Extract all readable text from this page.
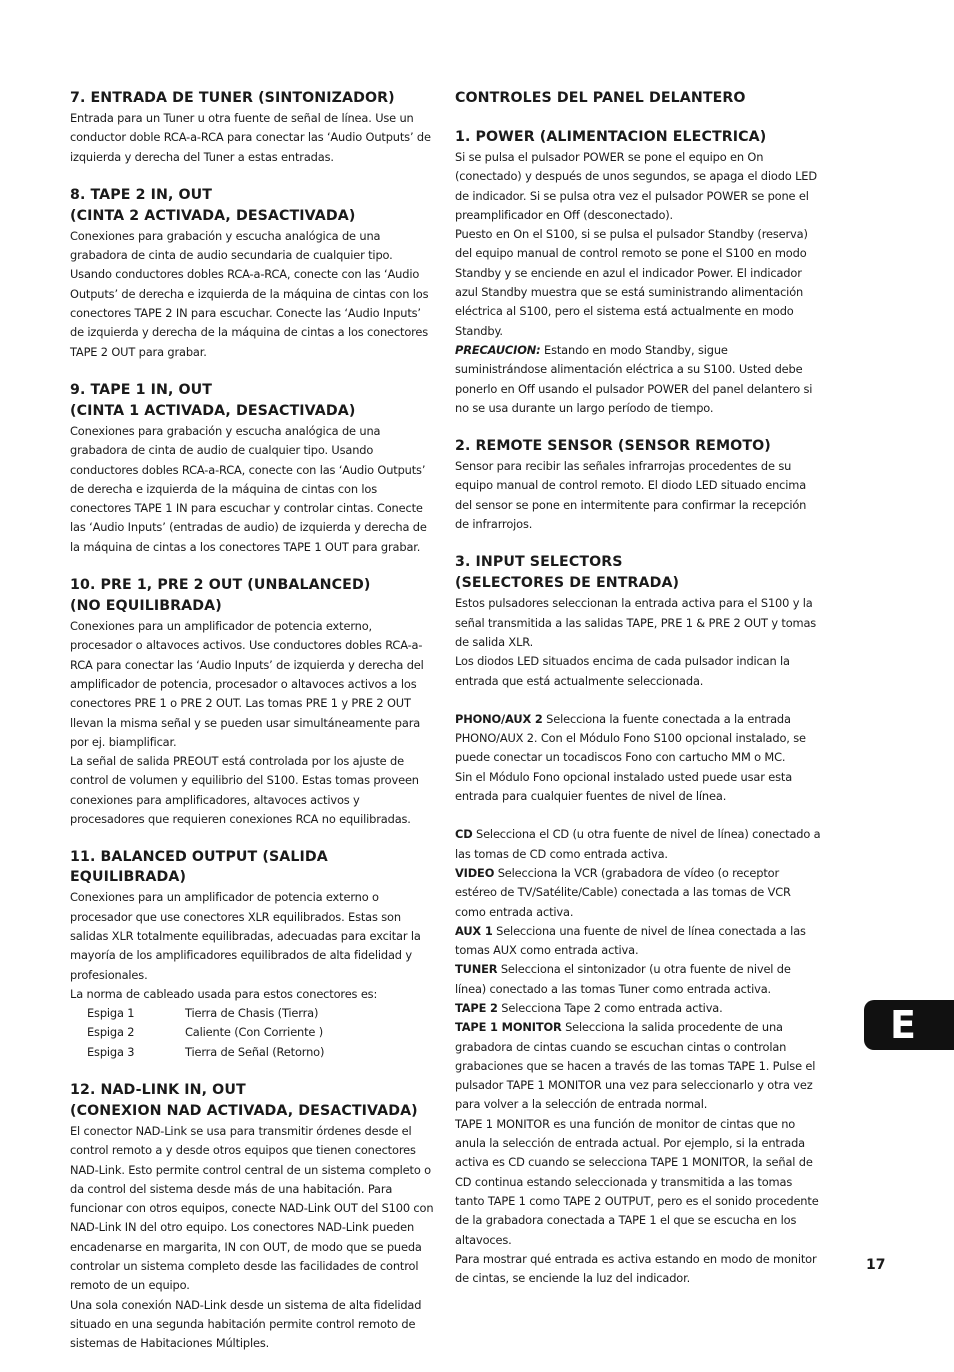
7. ENTRADA DE TUNER (SINTONIZADOR)

Entrada para un Tuner u otra fuente de señal de línea. Use un conductor doble RCA-a-RCA para conectar las ‘Audio Outputs’ de izquierda y derecha del Tuner a estas entradas.

8. TAPE 2 IN, OUT
(CINTA 2 ACTIVADA, DESACTIVADA)

Conexiones para grabación y escucha analógica de una grabadora de cinta de audio secundaria de cualquier tipo. Usando conductores dobles RCA-a-RCA, conecte con las ‘Audio Outputs’ de derecha e izquierda de la máquina de cintas con los conectores TAPE 2 IN para escuchar. Conecte las ‘Audio Inputs’ de izquierda y derecha de la máquina de cintas a los conectores TAPE 2 OUT para grabar.

9. TAPE 1 IN, OUT
(CINTA 1 ACTIVADA, DESACTIVADA)

Conexiones para grabación y escucha analógica de una grabadora de cinta de audio de cualquier tipo. Usando conductores dobles RCA-a-RCA, conecte con las ‘Audio Outputs’ de derecha e izquierda de la máquina de cintas con los conectores TAPE 1 IN para escuchar y controlar cintas. Conecte las ‘Audio Inputs’ (entradas de audio) de izquierda y derecha de la máquina de cintas a los conectores TAPE 1 OUT para grabar.

10. PRE 1, PRE 2 OUT (UNBALANCED)
(NO EQUILIBRADA)

Conexiones para un amplificador de potencia externo, procesador o altavoces activos. Use conductores dobles RCA-a-RCA para conectar las ‘Audio Inputs’ de izquierda y derecha del amplificador de potencia, procesador o altavoces activos a los conectores PRE 1 o PRE 2 OUT. Las tomas PRE 1 y PRE 2 OUT llevan la misma señal y se pueden usar simultáneamente para por ej. biamplificar.

La señal de salida PREOUT está controlada por los ajuste de control de volumen y equilibrio del S100. Estas tomas proveen conexiones para amplificadores, altavoces activos y procesadores que requieren conexiones RCA no equilibradas.

11. BALANCED OUTPUT (SALIDA EQUILIBRADA)

Conexiones para un amplificador de potencia externo o procesador que use conectores XLR equilibrados. Estas son salidas XLR totalmente equilibradas, adecuadas para excitar la mayoría de los amplificadores equilibrados de alta fidelidad y profesionales.

La norma de cableado usada para estos conectores es:

Espiga 1	Tierra de Chasis (Tierra)
Espiga 2	Caliente (Con Corriente )
Espiga 3	Tierra de Señal (Retorno)
12. NAD-LINK IN, OUT
(CONEXION NAD ACTIVADA, DESACTIVADA)

El conector NAD-Link se usa para transmitir órdenes desde el control remoto a y desde otros equipos que tienen conectores NAD-Link. Esto permite control central de un sistema completo o da control del sistema desde más de una habitación. Para funcionar con otros equipos, conecte NAD-Link OUT del S100 con NAD-Link IN del otro equipo. Los conectores NAD-Link pueden encadenarse en margarita, IN con OUT, de modo que se pueda controlar un sistema completo desde las facilidades de control remoto de un equipo.

Una sola conexión NAD-Link desde un sistema de alta fidelidad situado en una segunda habitación permite control remoto de sistemas de Habitaciones Múltiples.

CONTROLES DEL PANEL DELANTERO
1. POWER (ALIMENTACION ELECTRICA)

Si se pulsa el pulsador POWER se pone el equipo en On (conectado) y después de unos segundos, se apaga el diodo LED de indicador. Si se pulsa otra vez el pulsador POWER se pone el preamplificador en Off (desconectado).

Puesto en On el S100, si se pulsa el pulsador Standby (reserva) del equipo manual de control remoto se pone el S100 en modo Standby y se enciende en azul el indicador Power. El indicador azul Standby muestra que se está suministrando alimentación eléctrica al S100, pero el sistema está actualmente en modo Standby.

PRECAUCION: Estando en modo Standby, sigue suministrándose alimentación eléctrica a su S100. Usted debe ponerlo en Off usando el pulsador POWER del panel delantero si no se usa durante un largo período de tiempo.

2. REMOTE SENSOR (SENSOR REMOTO)

Sensor para recibir las señales infrarrojas procedentes de su equipo manual de control remoto. El diodo LED situado encima del sensor se pone en intermitente para confirmar la recepción de infrarrojos.

3. INPUT SELECTORS
(SELECTORES DE ENTRADA)

Estos pulsadores seleccionan la entrada activa para el S100 y la señal transmitida a las salidas TAPE, PRE 1 & PRE 2 OUT y tomas de salida XLR.

Los diodos LED situados encima de cada pulsador indican la entrada que está actualmente seleccionada.

PHONO/AUX 2 Selecciona la fuente conectada a la entrada PHONO/AUX 2. Con el Módulo Fono S100 opcional instalado, se puede conectar un tocadiscos Fono con cartucho MM o MC.

Sin el Módulo Fono opcional instalado usted puede usar esta entrada para cualquier fuentes de nivel de línea.

CD Selecciona el CD (u otra fuente de nivel de línea) conectado a las tomas de CD como entrada activa.

VIDEO Selecciona la VCR (grabadora de vídeo (o receptor estéreo de TV/Satélite/Cable) conectada a las tomas de VCR como entrada activa.

AUX 1 Selecciona una fuente de nivel de línea conectada a las tomas AUX como entrada activa.

TUNER Selecciona el sintonizador (u otra fuente de nivel de línea) conectado a las tomas Tuner como entrada activa.

TAPE 2 Selecciona Tape 2 como entrada activa.

TAPE 1 MONITOR Selecciona la salida procedente de una grabadora de cintas cuando se escuchan cintas o controlan grabaciones que se hacen a través de las tomas TAPE 1. Pulse el pulsador TAPE 1 MONITOR una vez para seleccionarlo y otra vez para volver a la selección de entrada normal.

TAPE 1 MONITOR es una función de monitor de cintas que no anula la selección de entrada actual. Por ejemplo, si la entrada activa es CD cuando se selecciona TAPE 1 MONITOR, la señal de CD continua estando seleccionada y transmitida a las tomas tanto TAPE 1 como TAPE 2 OUTPUT, pero es el sonido procedente de la grabadora conectada a TAPE 1 el que se escucha en los altavoces.

Para mostrar qué entrada es activa estando en modo de monitor de cintas, se enciende la luz del indicador.

E
17
